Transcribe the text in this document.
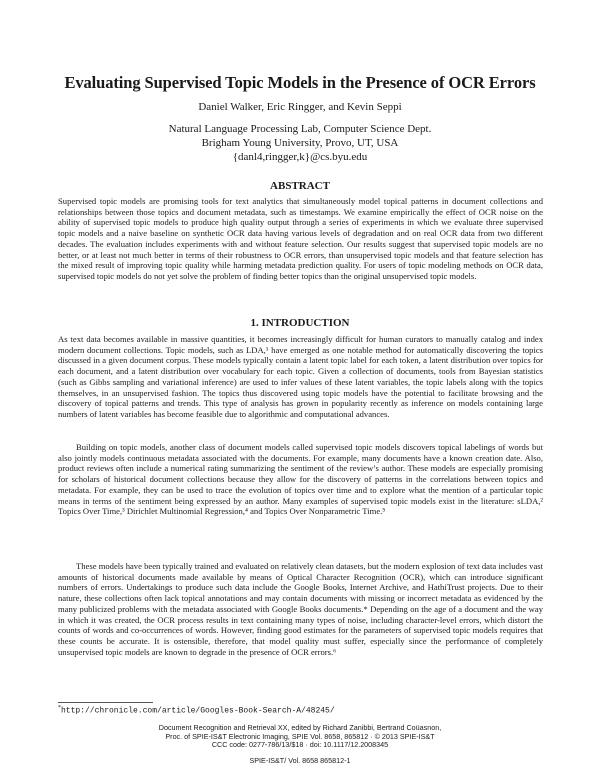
Evaluating Supervised Topic Models in the Presence of OCR Errors
Daniel Walker, Eric Ringger, and Kevin Seppi
Natural Language Processing Lab, Computer Science Dept.
Brigham Young University, Provo, UT, USA
{danl4,ringger,k}@cs.byu.edu
ABSTRACT
Supervised topic models are promising tools for text analytics that simultaneously model topical patterns in document collections and relationships between those topics and document metadata, such as timestamps. We examine empirically the effect of OCR noise on the ability of supervised topic models to produce high quality output through a series of experiments in which we evaluate three supervised topic models and a naive baseline on synthetic OCR data having various levels of degradation and on real OCR data from two different decades. The evaluation includes experiments with and without feature selection. Our results suggest that supervised topic models are no better, or at least not much better in terms of their robustness to OCR errors, than unsupervised topic models and that feature selection has the mixed result of improving topic quality while harming metadata prediction quality. For users of topic modeling methods on OCR data, supervised topic models do not yet solve the problem of finding better topics than the original unsupervised topic models.
1. INTRODUCTION
As text data becomes available in massive quantities, it becomes increasingly difficult for human curators to manually catalog and index modern document collections. Topic models, such as LDA,¹ have emerged as one notable method for automatically discovering the topics discussed in a given document corpus. These models typically contain a latent topic label for each token, a latent distribution over topics for each document, and a latent distribution over vocabulary for each topic. Given a collection of documents, tools from Bayesian statistics (such as Gibbs sampling and variational inference) are used to infer values of these latent variables, the topic labels along with the topics themselves, in an unsupervised fashion. The topics thus discovered using topic models have the potential to facilitate browsing and the discovery of topical patterns and trends. This type of analysis has grown in popularity recently as inference on models containing large numbers of latent variables has become feasible due to algorithmic and computational advances.
Building on topic models, another class of document models called supervised topic models discovers topical labelings of words but also jointly models continuous metadata associated with the documents. For example, many documents have a known creation date. Also, product reviews often include a numerical rating summarizing the sentiment of the review’s author. These models are especially promising for scholars of historical document collections because they allow for the discovery of patterns in the correlations between topics and metadata. For example, they can be used to trace the evolution of topics over time and to explore what the mention of a particular topic means in terms of the sentiment being expressed by an author. Many examples of supervised topic models exist in the literature: sLDA,² Topics Over Time,³ Dirichlet Multinomial Regression,⁴ and Topics Over Nonparametric Time.⁵
These models have been typically trained and evaluated on relatively clean datasets, but the modern explosion of text data includes vast amounts of historical documents made available by means of Optical Character Recognition (OCR), which can introduce significant numbers of errors. Undertakings to produce such data include the Google Books, Internet Archive, and HathiTrust projects. Due to their nature, these collections often lack topical annotations and may contain documents with missing or incorrect metadata as evidenced by the many publicized problems with the metadata associated with Google Books documents.* Depending on the age of a document and the way in which it was created, the OCR process results in text containing many types of noise, including character-level errors, which distort the counts of words and co-occurrences of words. However, finding good estimates for the parameters of supervised topic models requires that these counts be accurate. It is ostensible, therefore, that model quality must suffer, especially since the performance of completely unsupervised topic models are known to degrade in the presence of OCR errors.⁶
*http://chronicle.com/article/Googles-Book-Search-A/48245/
Document Recognition and Retrieval XX, edited by Richard Zanibbi, Bertrand Coüasnon,
Proc. of SPIE-IS&T Electronic Imaging, SPIE Vol. 8658, 865812 · © 2013 SPIE-IS&T
CCC code: 0277-786/13/$18 · doi: 10.1117/12.2008345
SPIE-IS&T/ Vol. 8658 865812-1
